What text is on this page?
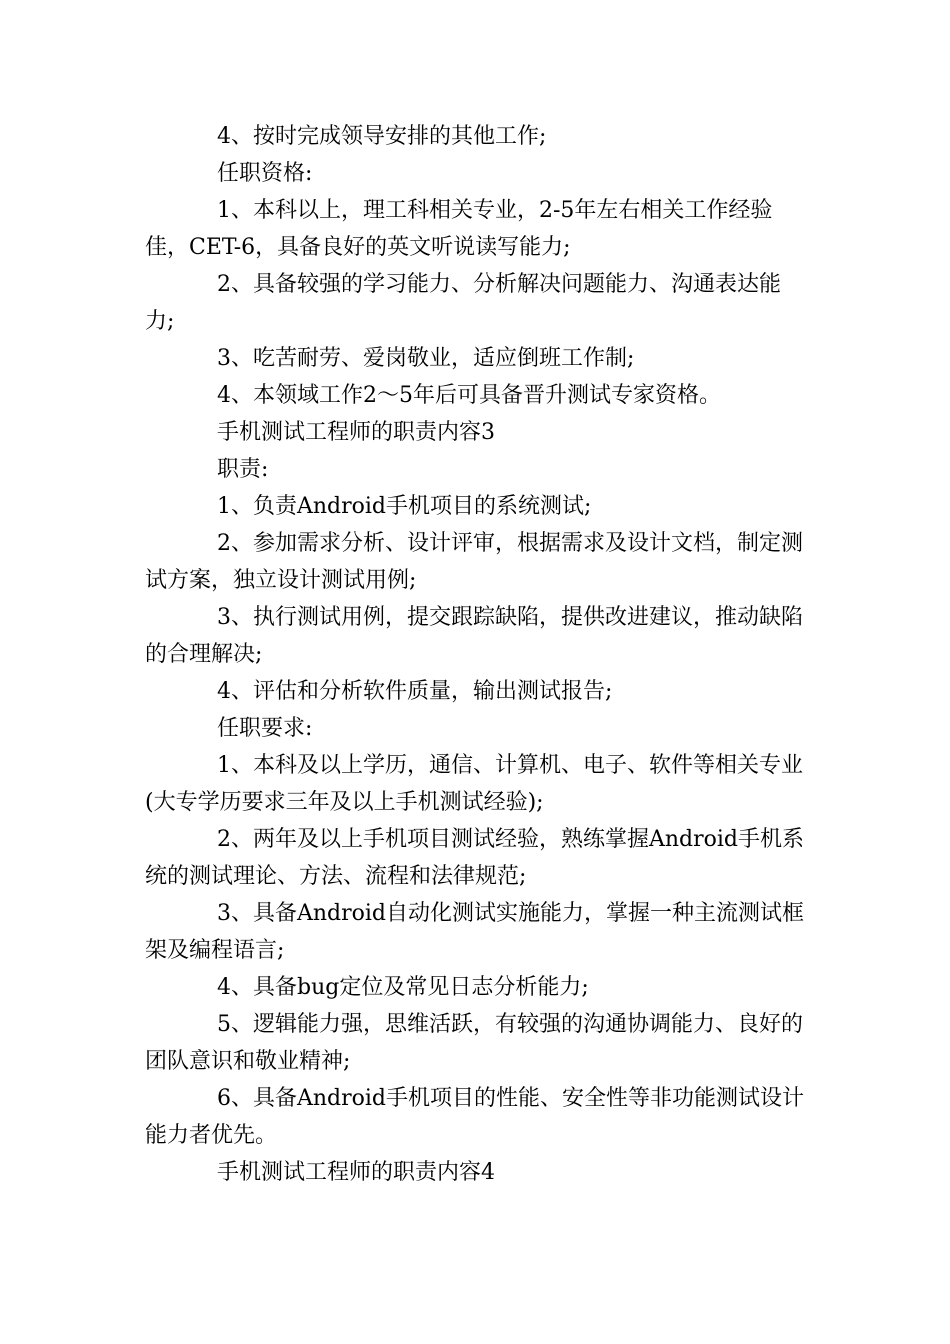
4、按时完成领导安排的其他工作;

任职资格:

1、本科以上，理工科相关专业，2-5年左右相关工作经验佳，CET-6，具备良好的英文听说读写能力;

2、具备较强的学习能力、分析解决问题能力、沟通表达能力;

3、吃苦耐劳、爱岗敬业，适应倒班工作制;

4、本领域工作2～5年后可具备晋升测试专家资格。

手机测试工程师的职责内容3

职责:

1、负责Android手机项目的系统测试;

2、参加需求分析、设计评审，根据需求及设计文档，制定测试方案，独立设计测试用例;

3、执行测试用例，提交跟踪缺陷，提供改进建议，推动缺陷的合理解决;

4、评估和分析软件质量，输出测试报告;

任职要求:

1、本科及以上学历，通信、计算机、电子、软件等相关专业(大专学历要求三年及以上手机测试经验);

2、两年及以上手机项目测试经验，熟练掌握Android手机系统的测试理论、方法、流程和法律规范;

3、具备Android自动化测试实施能力，掌握一种主流测试框架及编程语言;

4、具备bug定位及常见日志分析能力;

5、逻辑能力强，思维活跃，有较强的沟通协调能力、良好的团队意识和敬业精神;

6、具备Android手机项目的性能、安全性等非功能测试设计能力者优先。

手机测试工程师的职责内容4
